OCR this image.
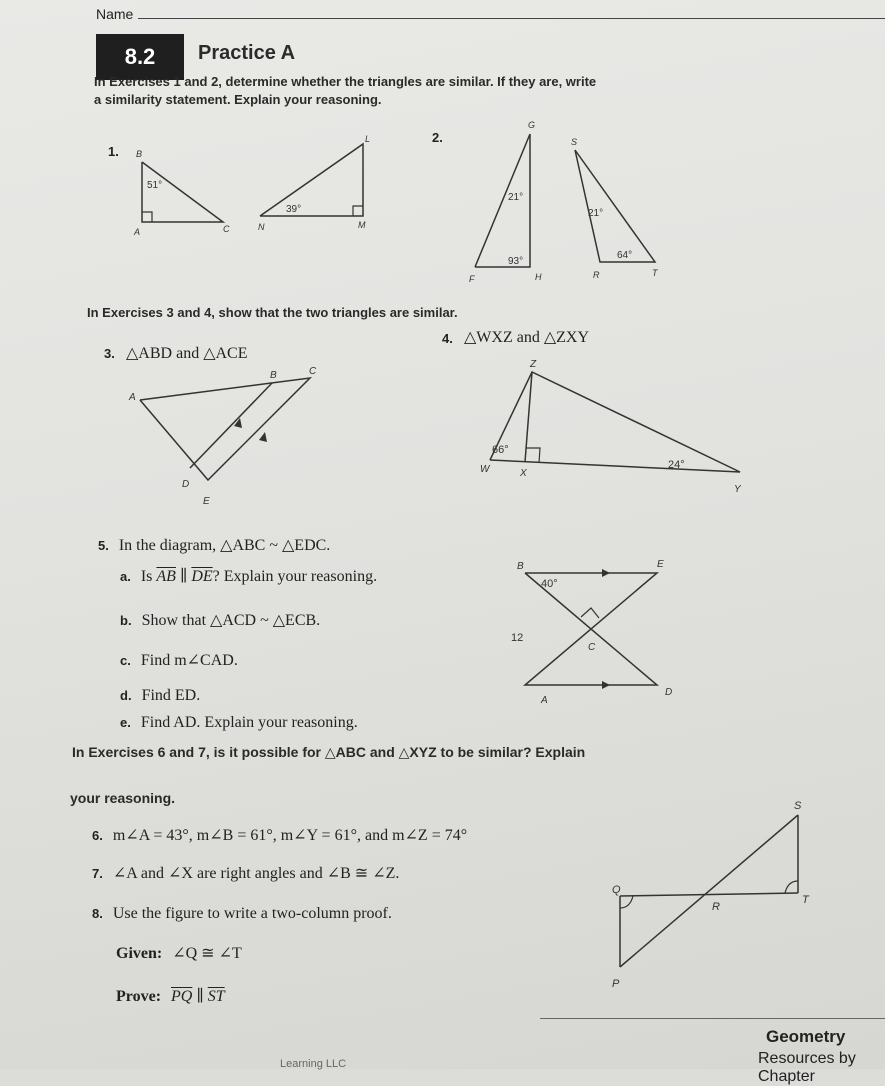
Name
8.2	Practice A
In Exercises 1 and 2, determine whether the triangles are similar. If they are, write
a similarity statement. Explain your reasoning.
1.
2.
B
A	C
51°
L
N	M
39°
G
F	H
21°
93°
S
R	T
21°
64°
In Exercises 3 and 4, show that the two triangles are similar.
3. △ABD and △ACE
4. △WXZ and △ZXY
A
B	C
D
E
Z
W	X
Y
66°
24°
5. In the diagram, △ABC ~ △EDC.
a. Is $\overline{AB}$ ∥ $\overline{DE}$? Explain your reasoning.
b. Show that △ACD ~ △ECB.
c. Find m∠CAD.
d. Find ED.
e. Find AD. Explain your reasoning.
B	E
C
A
D
40°
12
In Exercises 6 and 7, is it possible for △ABC and △XYZ to be similar? Explain
your reasoning.
6. m∠A = 43°, m∠B = 61°, m∠Y = 61°, and m∠Z = 74°
7. ∠A and ∠X are right angles and ∠B ≅ ∠Z.
8. Use the figure to write a two-column proof.
Given: ∠Q ≅ ∠T
Prove: $\overline{PQ}$ ∥ $\overline{ST}$
S
Q
R
T
P
Geometry
Resources by Chapter
Learning LLC
